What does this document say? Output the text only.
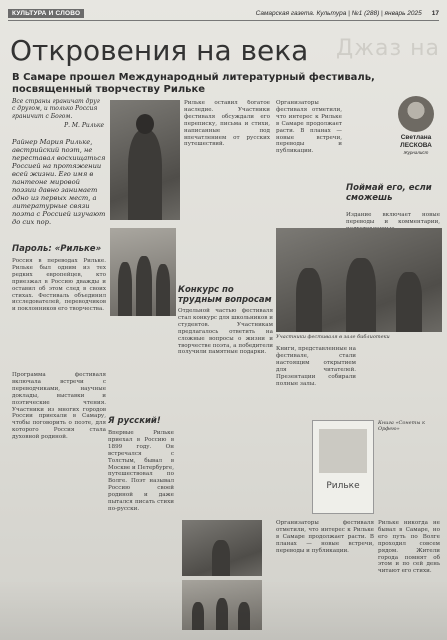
КУЛЬТУРА И СЛОВО	Самарская газета. Культура | №1 (288) | январь 2025	17
Джаз на
Откровения на века
В Самаре прошел Международный литературный фестиваль, посвященный творчеству Рильке
Все страны граничат друг с другом, и только Россия граничит с Богом.
Р. М. Рильке
Райнер Мария Рильке, австрийский поэт, не переставал восхищаться Россией на протяжении всей жизни. Его имя в пантеоне мировой поэзии давно занимает одно из первых мест, а литературные связи поэта с Россией изучают до сих пор.
Пароль: «Рильке»
Россия в переводах Рильке. Рильке был одним из тех редких европейцев, кто приезжал в Россию дважды и оставил об этом след в своих стихах. Фестиваль объединил исследователей, переводчиков и поклонников его творчества.
Программа фестиваля включала встречи с переводчиками, научные доклады, выставки и поэтические чтения. Участники из многих городов России приехали в Самару, чтобы поговорить о поэте, для которого Россия стала духовной родиной.
Рильке оставил богатое наследие. Участники фестиваля обсуждали его переписку, письма и стихи, написанные под впечатлением от русских путешествий.
Конкурс по трудным вопросам
Отдельной частью фестиваля стал конкурс для школьников и студентов. Участникам предлагалось ответить на сложные вопросы о жизни и творчестве поэта, а победители получили памятные подарки.
Я русский!
Впервые Рильке приехал в Россию в 1899 году. Он встречался с Толстым, бывал в Москве и Петербурге, путешествовал по Волге. Поэт называл Россию своей родиной и даже пытался писать стихи по-русски.
Организаторы фестиваля отметили, что интерес к Рильке в Самаре продолжает расти. В планах — новые встречи, переводы и публикации.
Светлана ЛЕСКОВА
Журналист
Поймай его, если сможешь
Издание включает новые переводы и комментарии,
Участники фестиваля в зале библиотеки
Книги, представленные на фестивале, стали настоящим открытием для читателей. Презентации собирали полные залы.
Рильке
Книга «Сонеты к Орфею»
Рильке никогда не бывал в Самаре, но его путь по Волге проходил совсем рядом. Жители города помнят об этом и по сей день читают его стихи.
Организаторы фестиваля отметили, что интерес к Рильке в Самаре продолжает расти. В планах — новые встречи, переводы и публикации.
